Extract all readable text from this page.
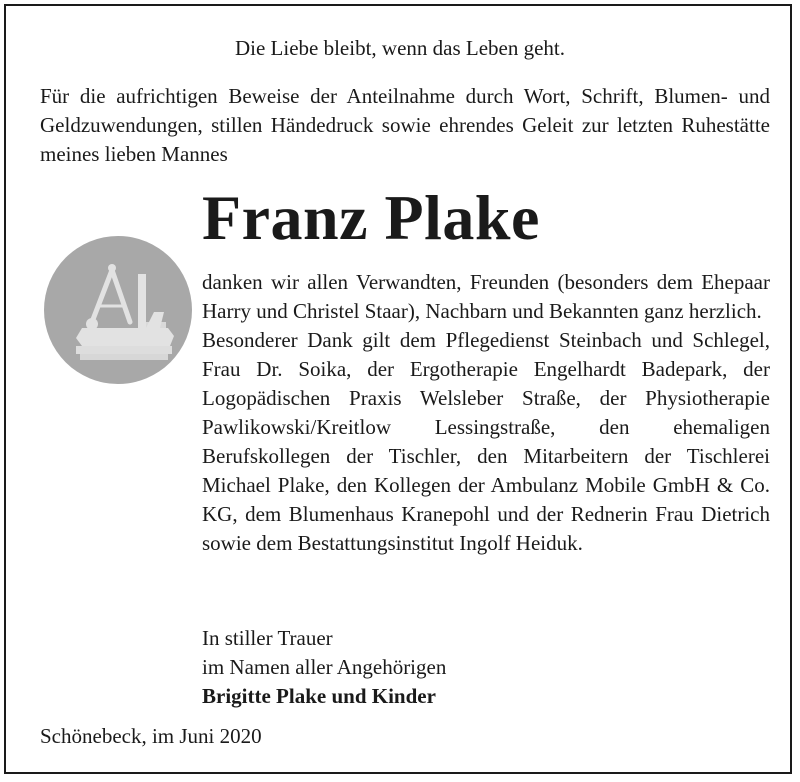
Die Liebe bleibt, wenn das Leben geht.
Für die aufrichtigen Beweise der Anteilnahme durch Wort, Schrift, Blumen- und Geldzuwendungen, stillen Händedruck sowie ehrendes Geleit zur letzten Ruhestätte meines lieben Mannes
Franz Plake

danken wir allen Verwandten, Freunden (besonders dem Ehepaar Harry und Christel Staar), Nachbarn und Bekannten ganz herzlich.

Besonderer Dank gilt dem Pflegedienst Steinbach und Schlegel, Frau Dr. Soika, der Ergotherapie Engelhardt Badepark, der Logopädischen Praxis Welsleber Straße, der Physiotherapie Pawlikowski/Kreitlow Lessingstraße, den ehemaligen Berufskollegen der Tischler, den Mitarbeitern der Tischlerei Michael Plake, den Kollegen der Ambulanz Mobile GmbH & Co. KG, dem Blumenhaus Kranepohl und der Rednerin Frau Dietrich sowie dem Bestattungsinstitut Ingolf Heiduk.

In stiller Trauer
im Namen aller Angehörigen
Brigitte Plake und Kinder
Schönebeck, im Juni 2020
